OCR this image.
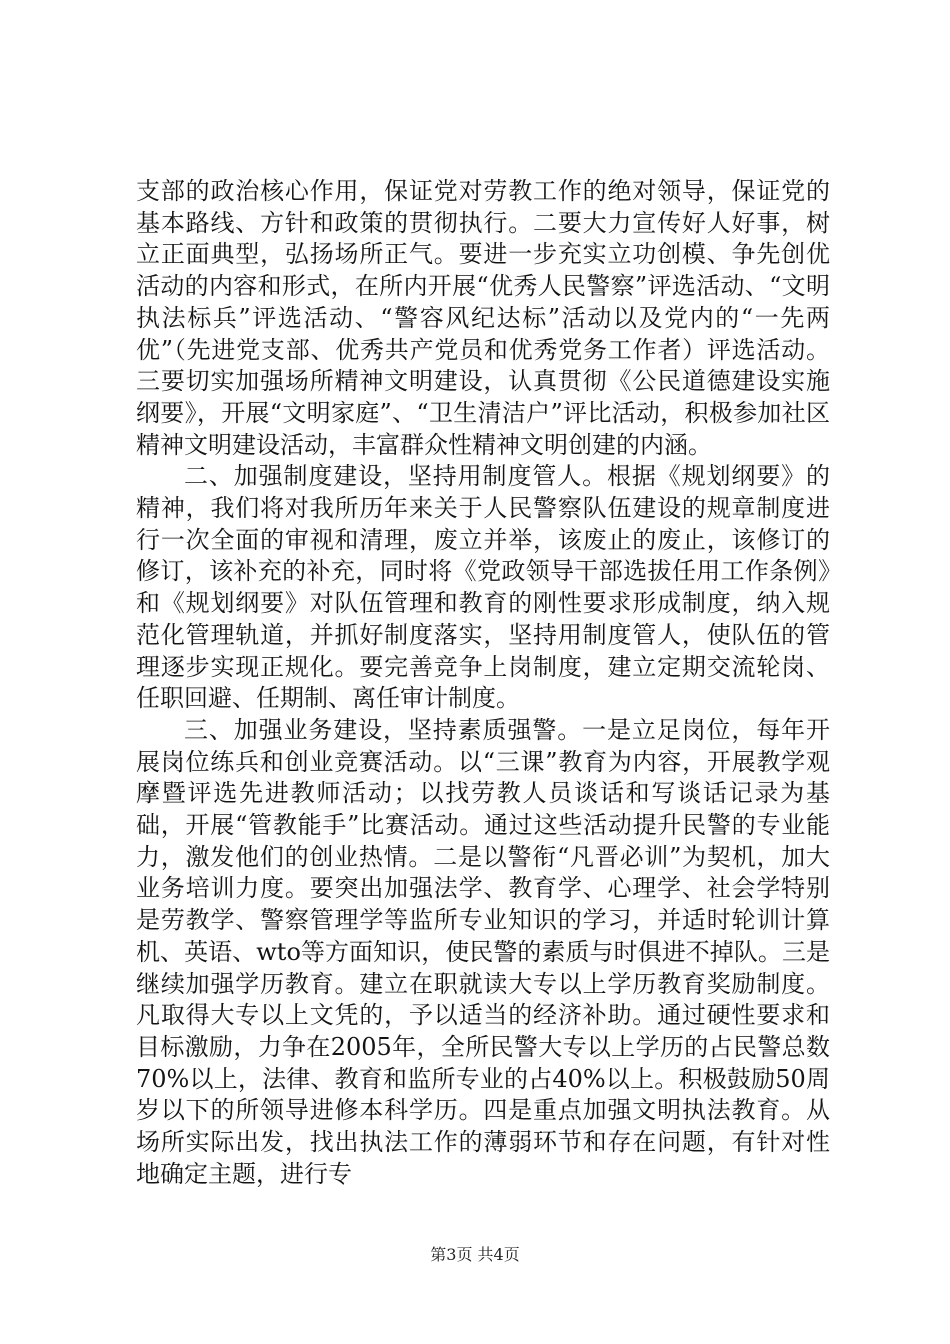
支部的政治核心作用，保证党对劳教工作的绝对领导，保证党的基本路线、方针和政策的贯彻执行。二要大力宣传好人好事，树立正面典型，弘扬场所正气。要进一步充实立功创模、争先创优活动的内容和形式，在所内开展“优秀人民警察”评选活动、“文明执法标兵”评选活动、“警容风纪达标”活动以及党内的“一先两优”（先进党支部、优秀共产党员和优秀党务工作者）评选活动。三要切实加强场所精神文明建设，认真贯彻《公民道德建设实施纲要》，开展“文明家庭”、“卫生清洁户”评比活动，积极参加社区精神文明建设活动，丰富群众性精神文明创建的内涵。

二、加强制度建设，坚持用制度管人。根据《规划纲要》的精神，我们将对我所历年来关于人民警察队伍建设的规章制度进行一次全面的审视和清理，废立并举，该废止的废止，该修订的修订，该补充的补充，同时将《党政领导干部选拔任用工作条例》和《规划纲要》对队伍管理和教育的刚性要求形成制度，纳入规范化管理轨道，并抓好制度落实，坚持用制度管人，使队伍的管理逐步实现正规化。要完善竞争上岗制度，建立定期交流轮岗、任职回避、任期制、离任审计制度。

三、加强业务建设，坚持素质强警。一是立足岗位，每年开展岗位练兵和创业竞赛活动。以“三课”教育为内容，开展教学观摩暨评选先进教师活动；以找劳教人员谈话和写谈话记录为基础，开展“管教能手”比赛活动。通过这些活动提升民警的专业能力，激发他们的创业热情。二是以警衔“凡晋必训”为契机，加大业务培训力度。要突出加强法学、教育学、心理学、社会学特别是劳教学、警察管理学等监所专业知识的学习，并适时轮训计算机、英语、wto等方面知识，使民警的素质与时俱进不掉队。三是继续加强学历教育。建立在职就读大专以上学历教育奖励制度。凡取得大专以上文凭的，予以适当的经济补助。通过硬性要求和目标激励，力争在2005年，全所民警大专以上学历的占民警总数70%以上，法律、教育和监所专业的占40%以上。积极鼓励50周岁以下的所领导进修本科学历。四是重点加强文明执法教育。从场所实际出发，找出执法工作的薄弱环节和存在问题，有针对性地确定主题，进行专

第3页 共4页
